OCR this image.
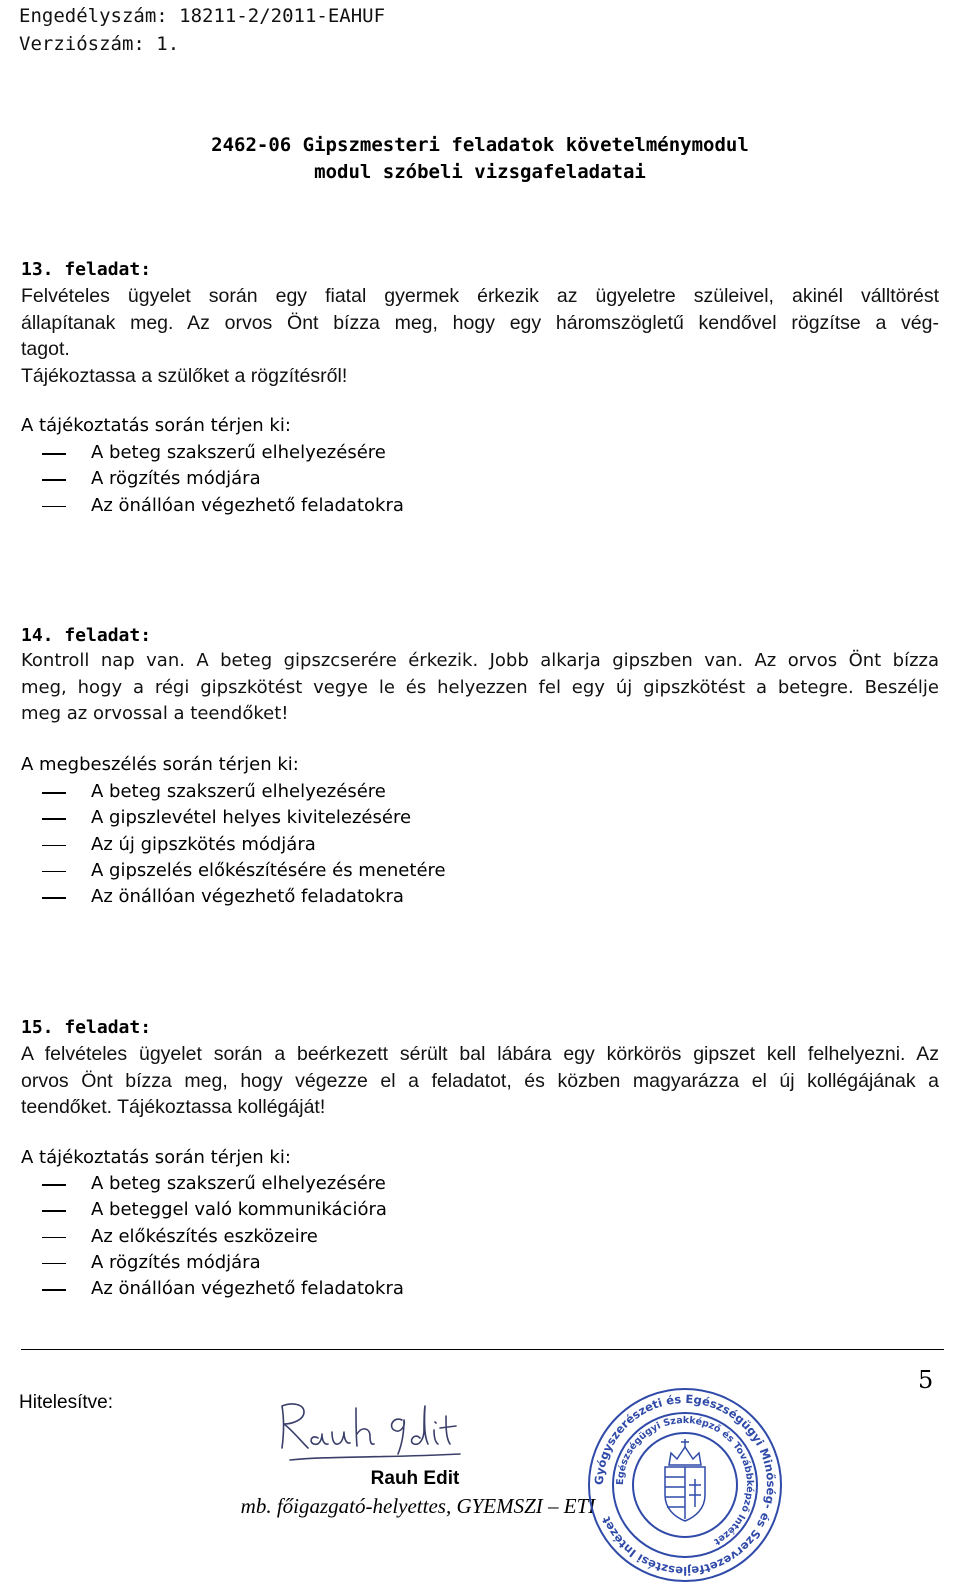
Engedélyszám: 18211-2/2011-EAHUF
Verziószám: 1.
2462-06 Gipszmesteri feladatok követelménymodul
modul szóbeli vizsgafeladatai
13. feladat:
Felvételes ügyelet során egy fiatal gyermek érkezik az ügyeletre szüleivel, akinél válltörést
állapítanak meg. Az orvos Önt bízza meg, hogy egy háromszögletű kendővel rögzítse a vég-
tagot.
Tájékoztassa a szülőket a rögzítésről!
A tájékoztatás során térjen ki:
A beteg szakszerű elhelyezésére
A rögzítés módjára
Az önállóan végezhető feladatokra
14. feladat:
Kontroll nap van. A beteg gipszcserére érkezik. Jobb alkarja gipszben van. Az orvos Önt bízza
meg, hogy a régi gipszkötést vegye le és helyezzen fel egy új gipszkötést a betegre. Beszélje
meg az orvossal a teendőket!
A megbeszélés során térjen ki:
A beteg szakszerű elhelyezésére
A gipszlevétel helyes kivitelezésére
Az új gipszkötés módjára
A gipszelés előkészítésére és menetére
Az önállóan végezhető feladatokra
15. feladat:
A felvételes ügyelet során a beérkezett sérült bal lábára egy körkörös gipszet kell felhelyezni. Az
orvos Önt bízza meg, hogy végezze el a feladatot, és közben magyarázza el új kollégájának a
teendőket. Tájékoztassa kollégáját!
A tájékoztatás során térjen ki:
A beteg szakszerű elhelyezésére
A beteggel való kommunikációra
Az előkészítés eszközeire
A rögzítés módjára
Az önállóan végezhető feladatokra
5
Hitelesítve:
Rauh Edit
mb. főigazgató-helyettes, GYEMSZI – ETI
Gyógyszerészeti és Egészségügyi Minőség- és Szervezetfejlesztési Intézet
Egészségügyi Szakképző és Továbbképző Intézet
